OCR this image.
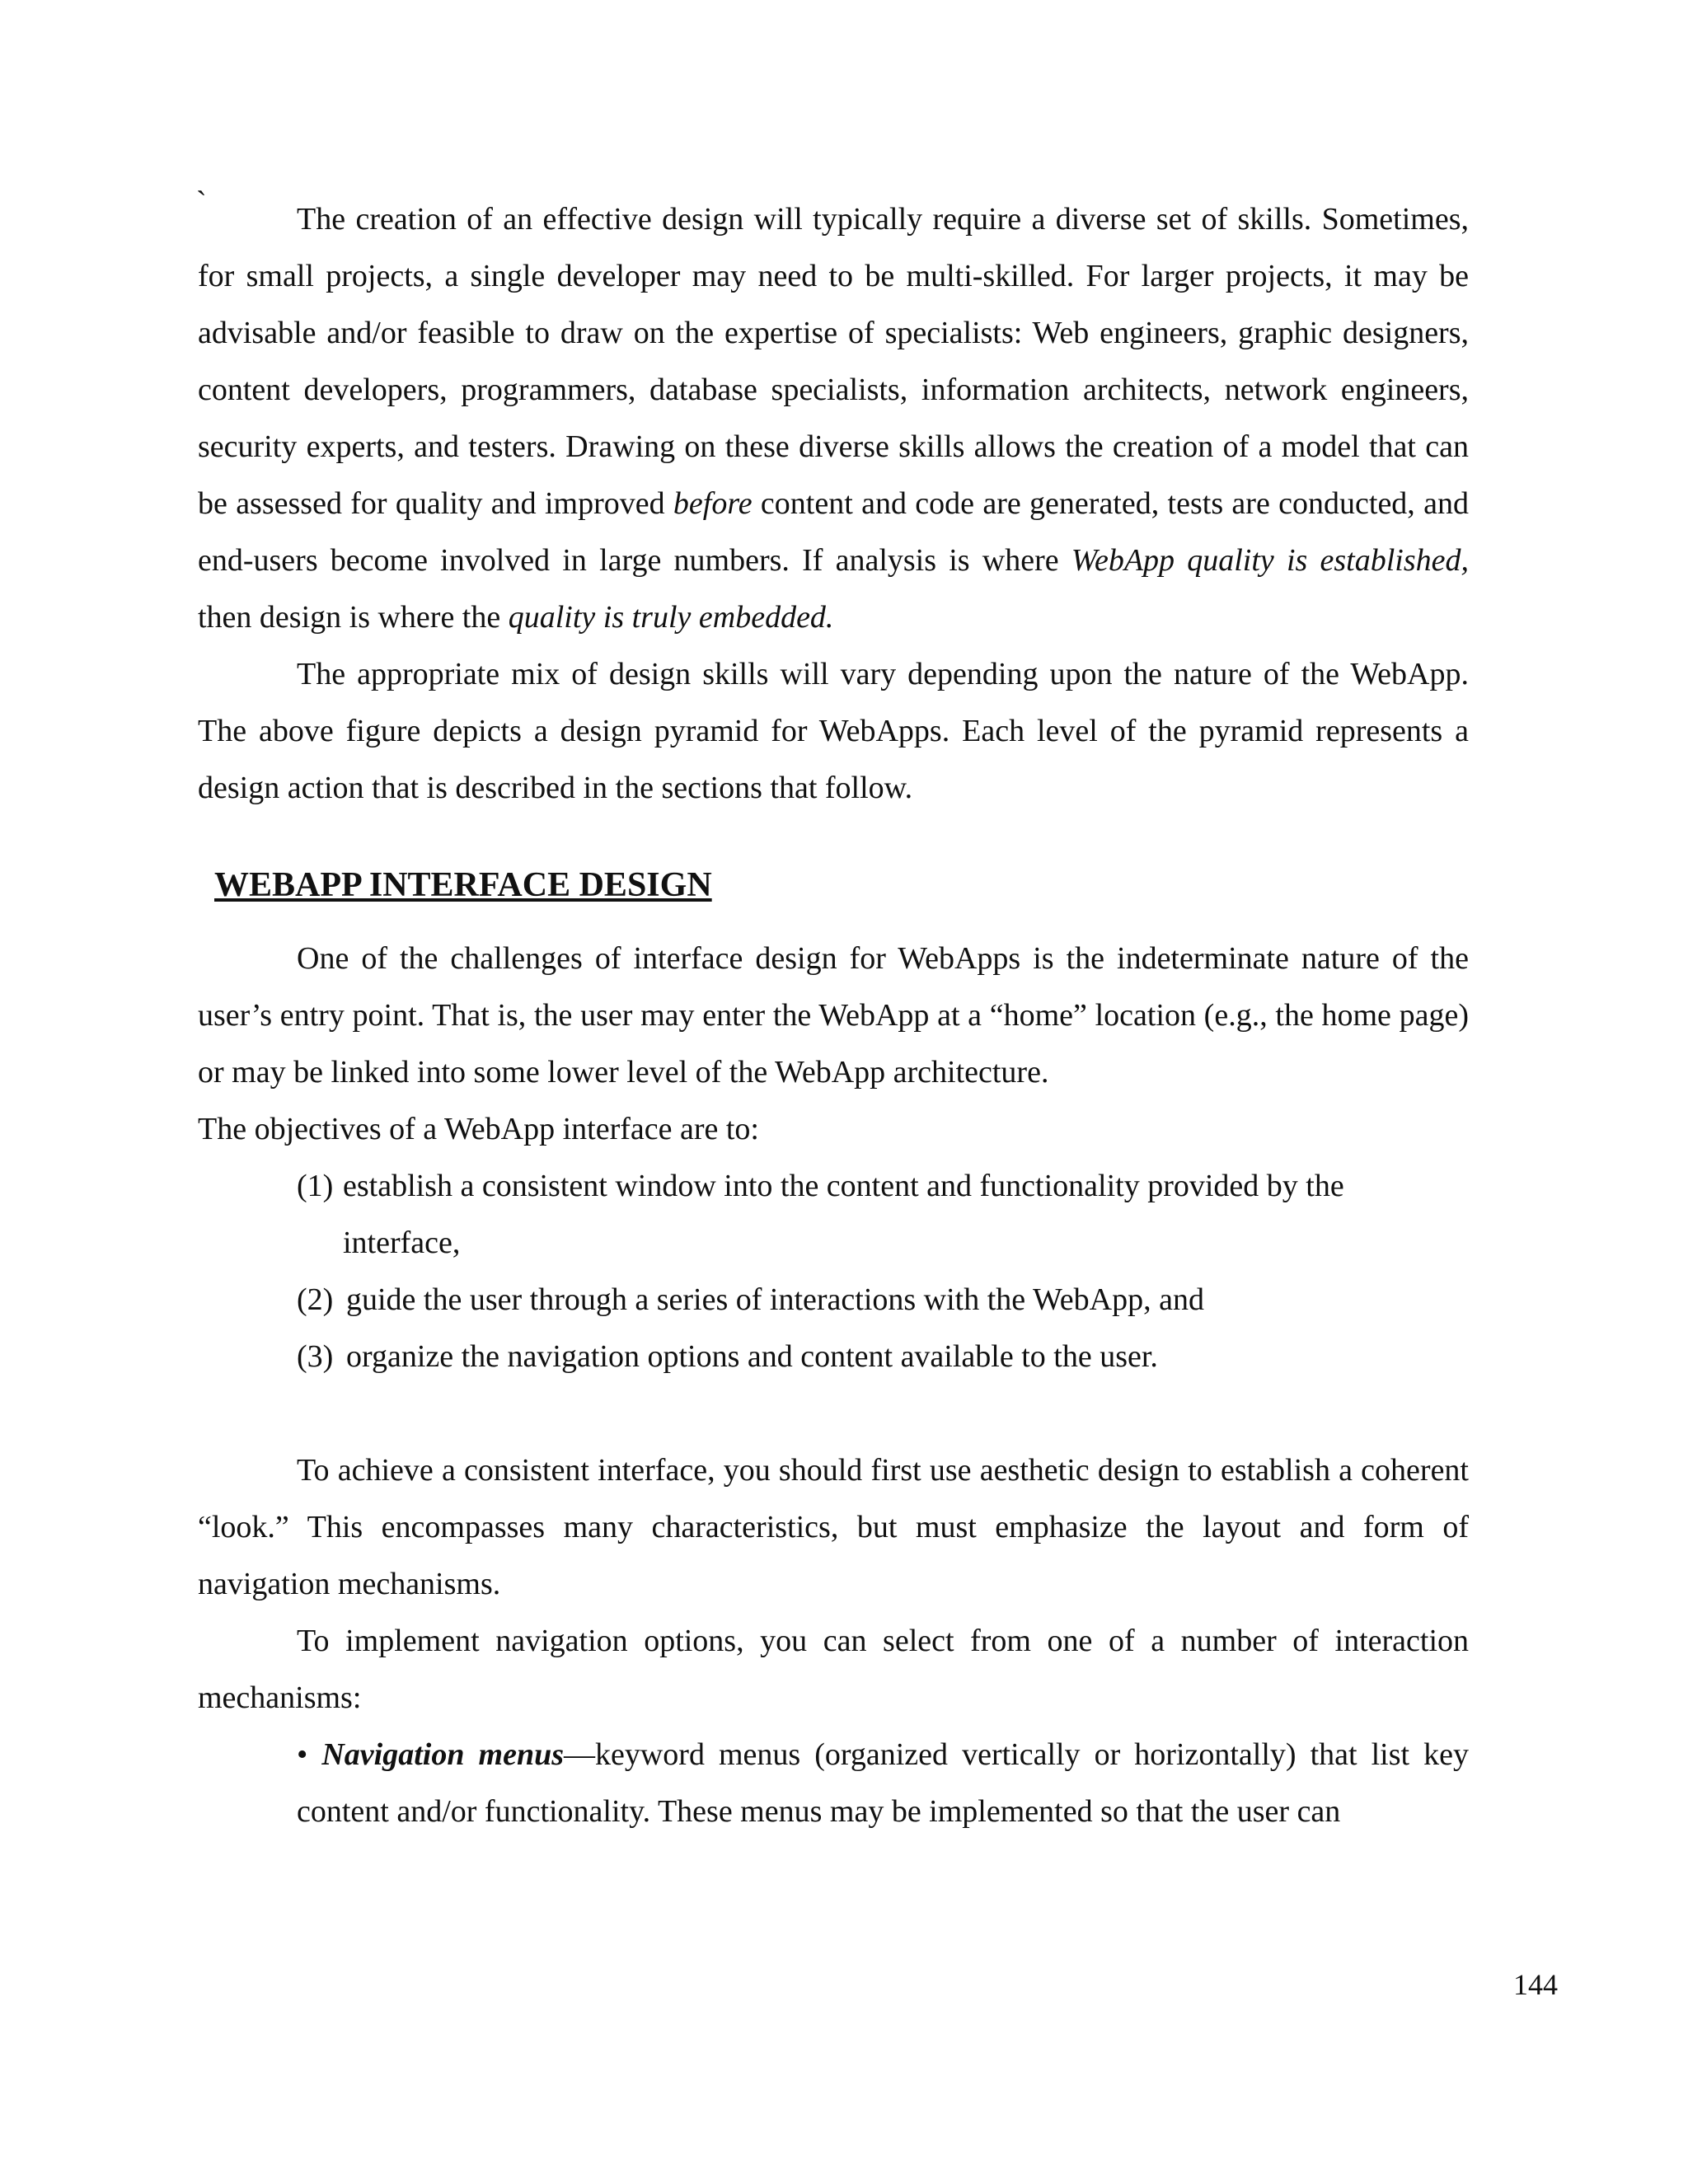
`	The creation of an effective design will typically require a diverse set of skills. Sometimes, for small projects, a single developer may need to be multi-skilled. For larger projects, it may be advisable and/or feasible to draw on the expertise of specialists: Web engineers, graphic designers, content developers, programmers, database specialists, information architects, network engineers, security experts, and testers. Drawing on these diverse skills allows the creation of a model that can be assessed for quality and improved before content and code are generated, tests are conducted, and end-users become involved in large numbers. If analysis is where WebApp quality is established, then design is where the quality is truly embedded.

The appropriate mix of design skills will vary depending upon the nature of the WebApp. The above figure depicts a design pyramid for WebApps. Each level of the pyramid represents a design action that is described in the sections that follow.

WEBAPP INTERFACE DESIGN

One of the challenges of interface design for WebApps is the indeterminate nature of the user’s entry point. That is, the user may enter the WebApp at a “home” location (e.g., the home page) or may be linked into some lower level of the WebApp architecture.

The objectives of a WebApp interface are to:

(1) establish a consistent window into the content and functionality provided by the interface,
(2) guide the user through a series of interactions with the WebApp, and
(3) organize the navigation options and content available to the user.

To achieve a consistent interface, you should first use aesthetic design to establish a coherent “look.” This encompasses many characteristics, but must emphasize the layout and form of navigation mechanisms.

To implement navigation options, you can select from one of a number of interaction mechanisms:

• Navigation menus—keyword menus (organized vertically or horizontally) that list key content and/or functionality. These menus may be implemented so that the user can

144
